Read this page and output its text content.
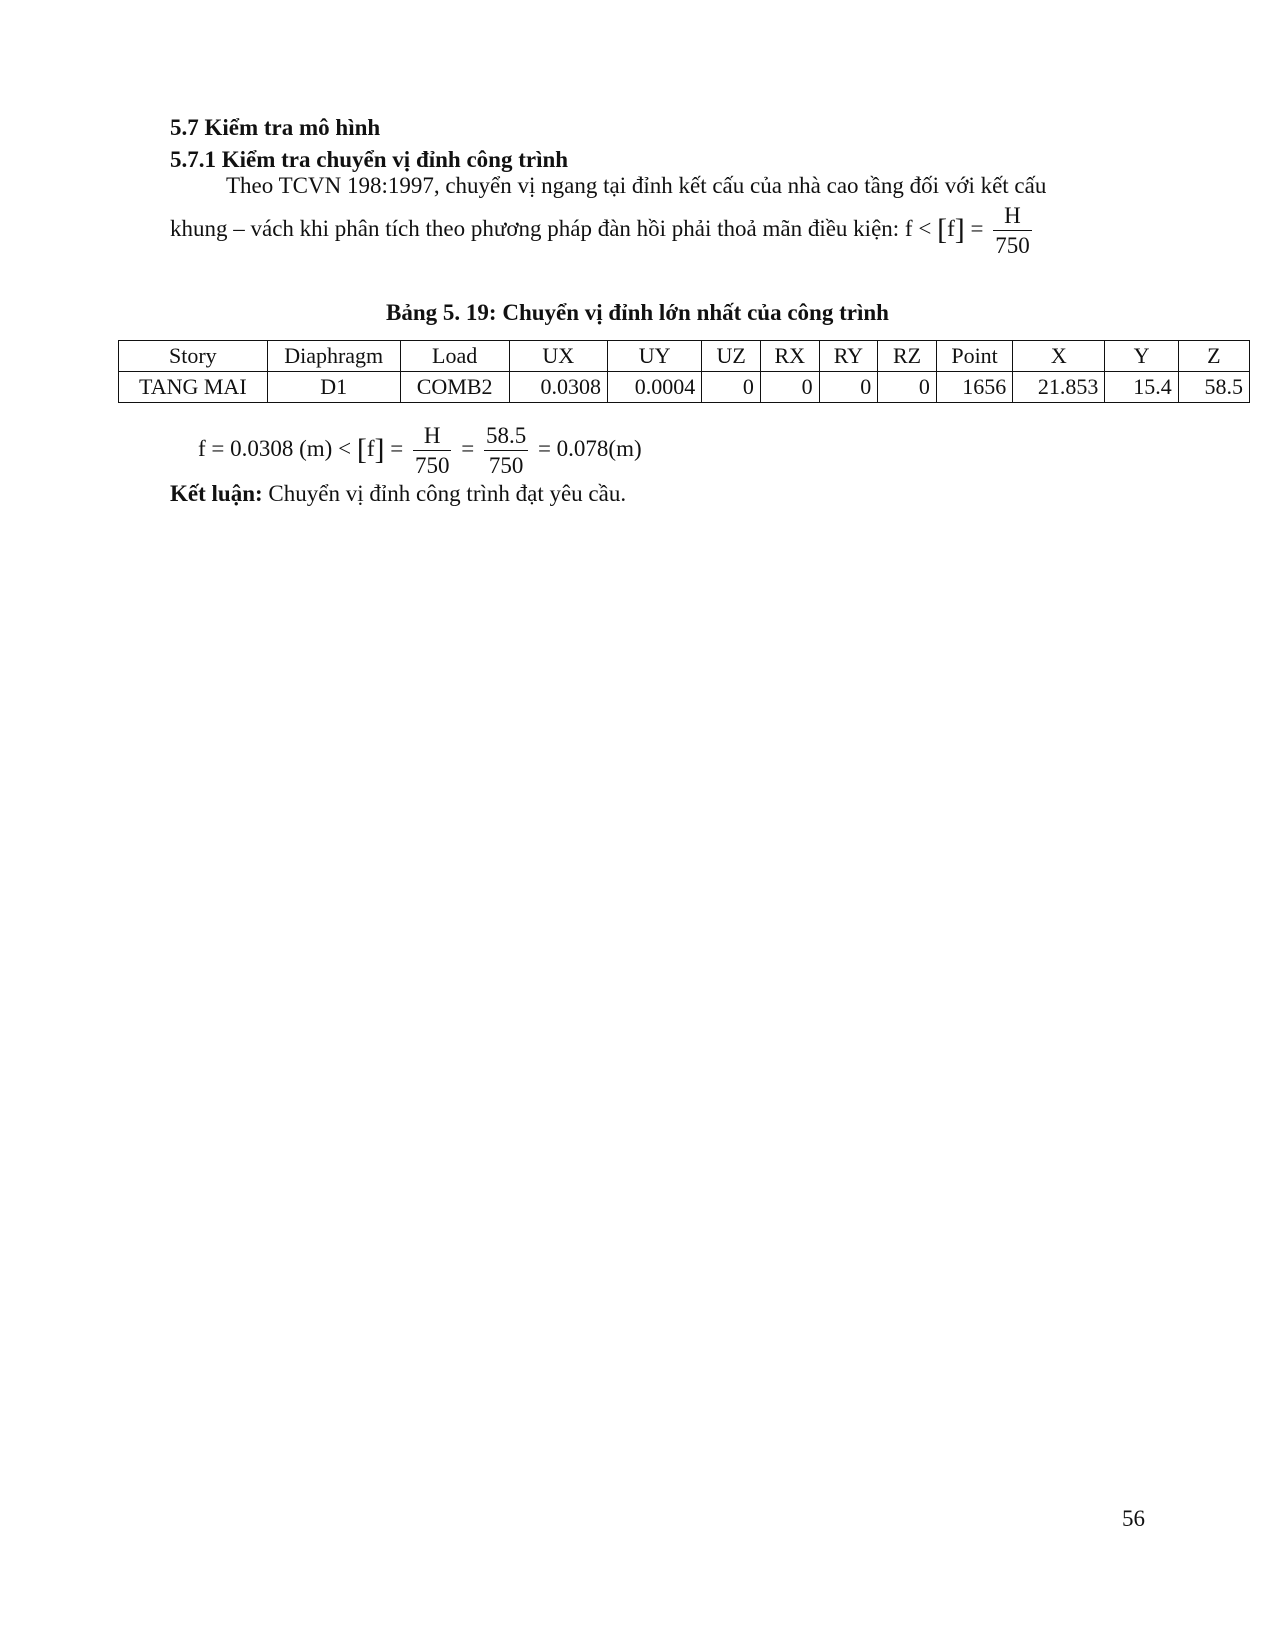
5.7 Kiểm tra mô hình
5.7.1 Kiểm tra chuyển vị đỉnh công trình
Theo TCVN 198:1997, chuyển vị ngang tại đỉnh kết cấu của nhà cao tầng đối với kết cấu
khung – vách khi phân tích theo phương pháp đàn hồi phải thoả mãn điều kiện: $f < [f] = \frac{H}{750}$
Bảng 5. 19: Chuyển vị đỉnh lớn nhất của công trình
Story	Diaphragm	Load	UX	UY	UZ	RX	RY	RZ	Point	X	Y	Z
TANG MAI	D1	COMB2	0.0308	0.0004	0	0	0	0	1656	21.853	15.4	58.5
f = 0.0308 $(m) < [f] = \frac{H}{750} = \frac{58.5}{750} = 0.078(m)$
Kết luận: Chuyển vị đỉnh công trình đạt yêu cầu.
56
